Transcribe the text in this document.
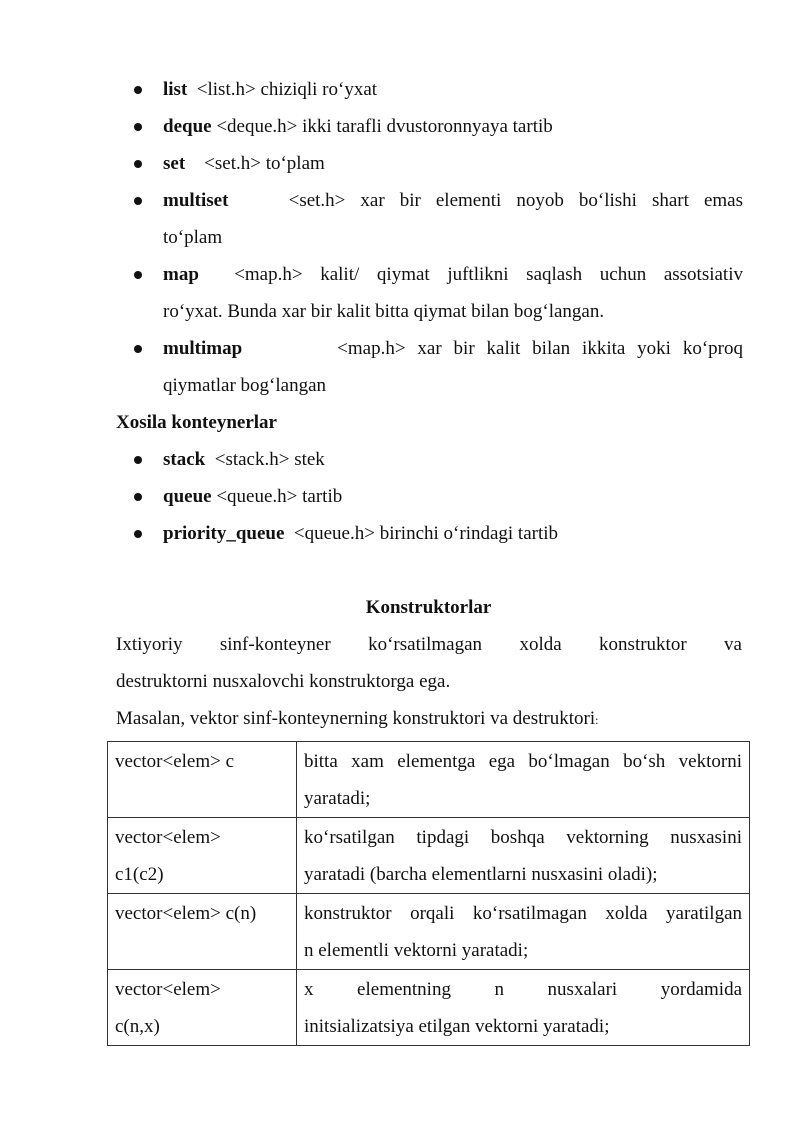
list  <list.h> chiziqli ro‘yxat
deque <deque.h> ikki tarafli dvustoronnyaya tartib
set    <set.h> to‘plam
multiset    <set.h> xar bir elementi noyob bo‘lishi shart emas
to‘plam
map  <map.h> kalit/ qiymat juftlikni saqlash uchun assotsiativ
ro‘yxat. Bunda xar bir kalit bitta qiymat bilan bog‘langan.
multimap        <map.h> xar bir kalit bilan ikkita yoki ko‘proq
qiymatlar bog‘langan
Xosila konteynerlar
stack  <stack.h> stek
queue <queue.h> tartib
priority_queue  <queue.h> birinchi o‘rindagi tartib
Konstruktorlar
Ixtiyoriy sinf-konteyner ko‘rsatilmagan xolda konstruktor va
destruktorni nusxalovchi konstruktorga ega.
Masalan, vektor sinf-konteynerning konstruktori va destruktori:
vector<elem> c	bitta xam elementga ega bo‘lmagan bo‘sh vektorni
yaratadi;

vector<elem>
c1(c2)	ko‘rsatilgan tipdagi boshqa vektorning nusxasini
yaratadi (barcha elementlarni nusxasini oladi);

vector<elem> c(n)	konstruktor orqali ko‘rsatilmagan xolda yaratilgan
n elementli vektorni yaratadi;

vector<elem>
c(n,x)	x elementning n nusxalari yordamida
initsializatsiya etilgan vektorni yaratadi;
